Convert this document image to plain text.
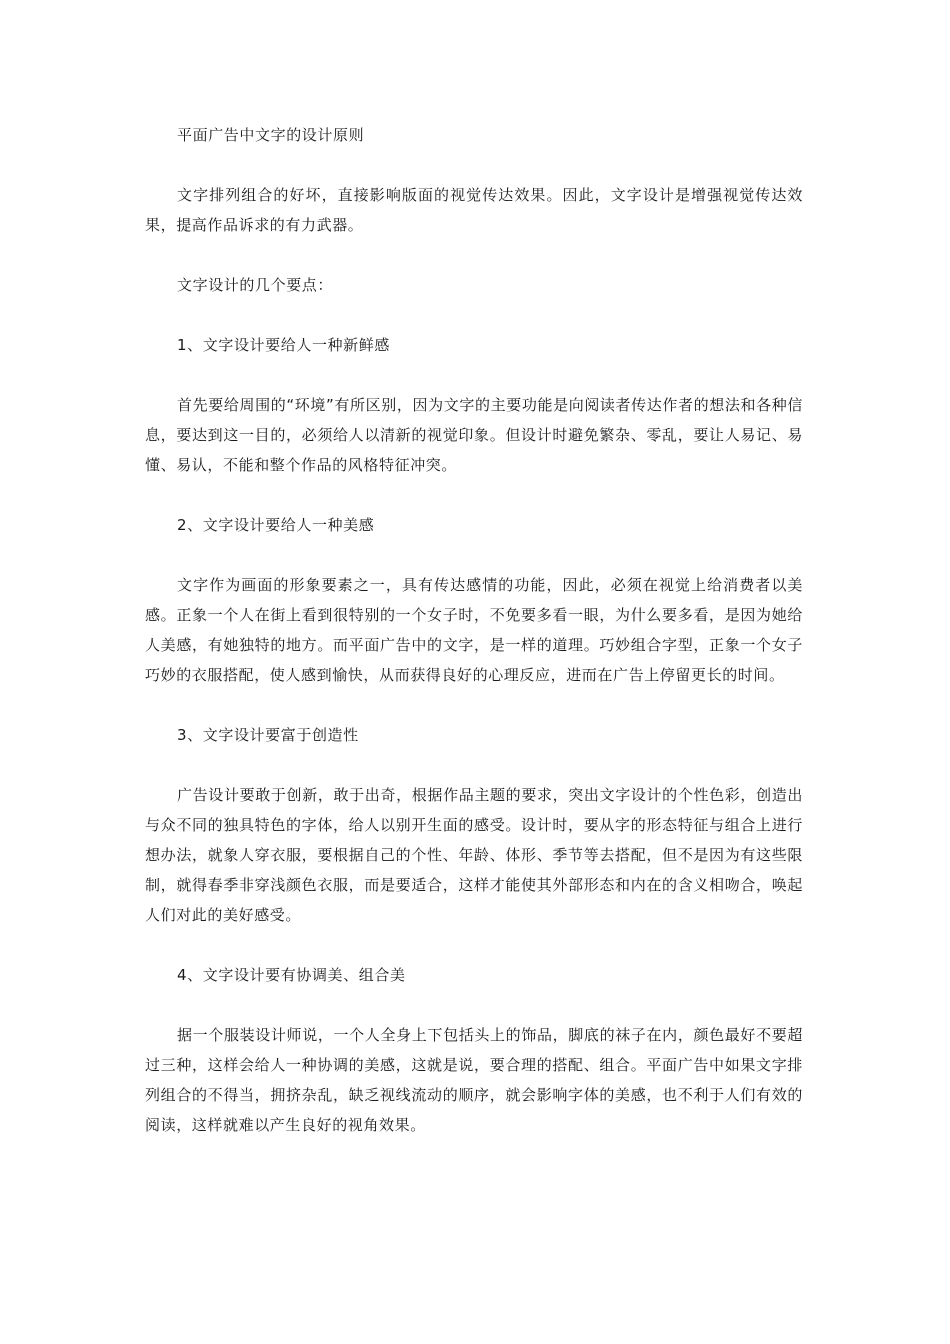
平面广告中文字的设计原则

文字排列组合的好坏，直接影响版面的视觉传达效果。因此，文字设计是增强视觉传达效果，提高作品诉求的有力武器。

文字设计的几个要点：

1、文字设计要给人一种新鲜感

首先要给周围的“环境”有所区别，因为文字的主要功能是向阅读者传达作者的想法和各种信息，要达到这一目的，必须给人以清新的视觉印象。但设计时避免繁杂、零乱，要让人易记、易懂、易认，不能和整个作品的风格特征冲突。

2、文字设计要给人一种美感

文字作为画面的形象要素之一，具有传达感情的功能，因此，必须在视觉上给消费者以美感。正象一个人在街上看到很特别的一个女子时，不免要多看一眼，为什么要多看，是因为她给人美感，有她独特的地方。而平面广告中的文字，是一样的道理。巧妙组合字型，正象一个女子巧妙的衣服搭配，使人感到愉快，从而获得良好的心理反应，进而在广告上停留更长的时间。

3、文字设计要富于创造性

广告设计要敢于创新，敢于出奇，根据作品主题的要求，突出文字设计的个性色彩，创造出与众不同的独具特色的字体，给人以别开生面的感受。设计时，要从字的形态特征与组合上进行想办法，就象人穿衣服，要根据自己的个性、年龄、体形、季节等去搭配，但不是因为有这些限制，就得春季非穿浅颜色衣服，而是要适合，这样才能使其外部形态和内在的含义相吻合，唤起人们对此的美好感受。

4、文字设计要有协调美、组合美

据一个服装设计师说，一个人全身上下包括头上的饰品，脚底的袜子在内，颜色最好不要超过三种，这样会给人一种协调的美感，这就是说，要合理的搭配、组合。平面广告中如果文字排列组合的不得当，拥挤杂乱，缺乏视线流动的顺序，就会影响字体的美感，也不利于人们有效的阅读，这样就难以产生良好的视角效果。
